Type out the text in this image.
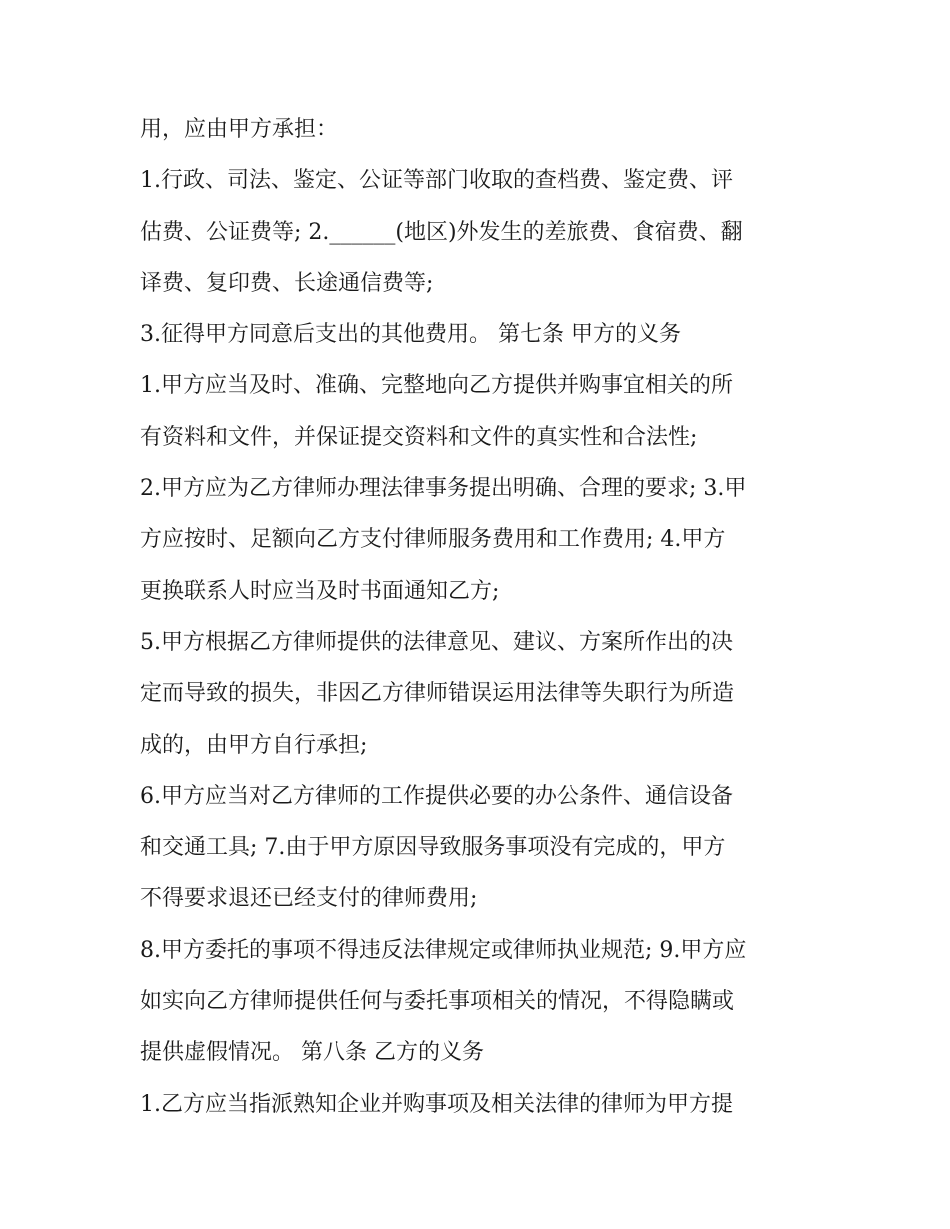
用，应由甲方承担：
1.行政、司法、鉴定、公证等部门收取的查档费、鉴定费、评
估费、公证费等; 2.______(地区)外发生的差旅费、食宿费、翻
译费、复印费、长途通信费等;
3.征得甲方同意后支出的其他费用。 第七条 甲方的义务
1.甲方应当及时、准确、完整地向乙方提供并购事宜相关的所
有资料和文件，并保证提交资料和文件的真实性和合法性;
2.甲方应为乙方律师办理法律事务提出明确、合理的要求; 3.甲
方应按时、足额向乙方支付律师服务费用和工作费用; 4.甲方
更换联系人时应当及时书面通知乙方;
5.甲方根据乙方律师提供的法律意见、建议、方案所作出的决
定而导致的损失，非因乙方律师错误运用法律等失职行为所造
成的，由甲方自行承担;
6.甲方应当对乙方律师的工作提供必要的办公条件、通信设备
和交通工具; 7.由于甲方原因导致服务事项没有完成的，甲方
不得要求退还已经支付的律师费用;
8.甲方委托的事项不得违反法律规定或律师执业规范; 9.甲方应
如实向乙方律师提供任何与委托事项相关的情况，不得隐瞒或
提供虚假情况。 第八条 乙方的义务
1.乙方应当指派熟知企业并购事项及相关法律的律师为甲方提
